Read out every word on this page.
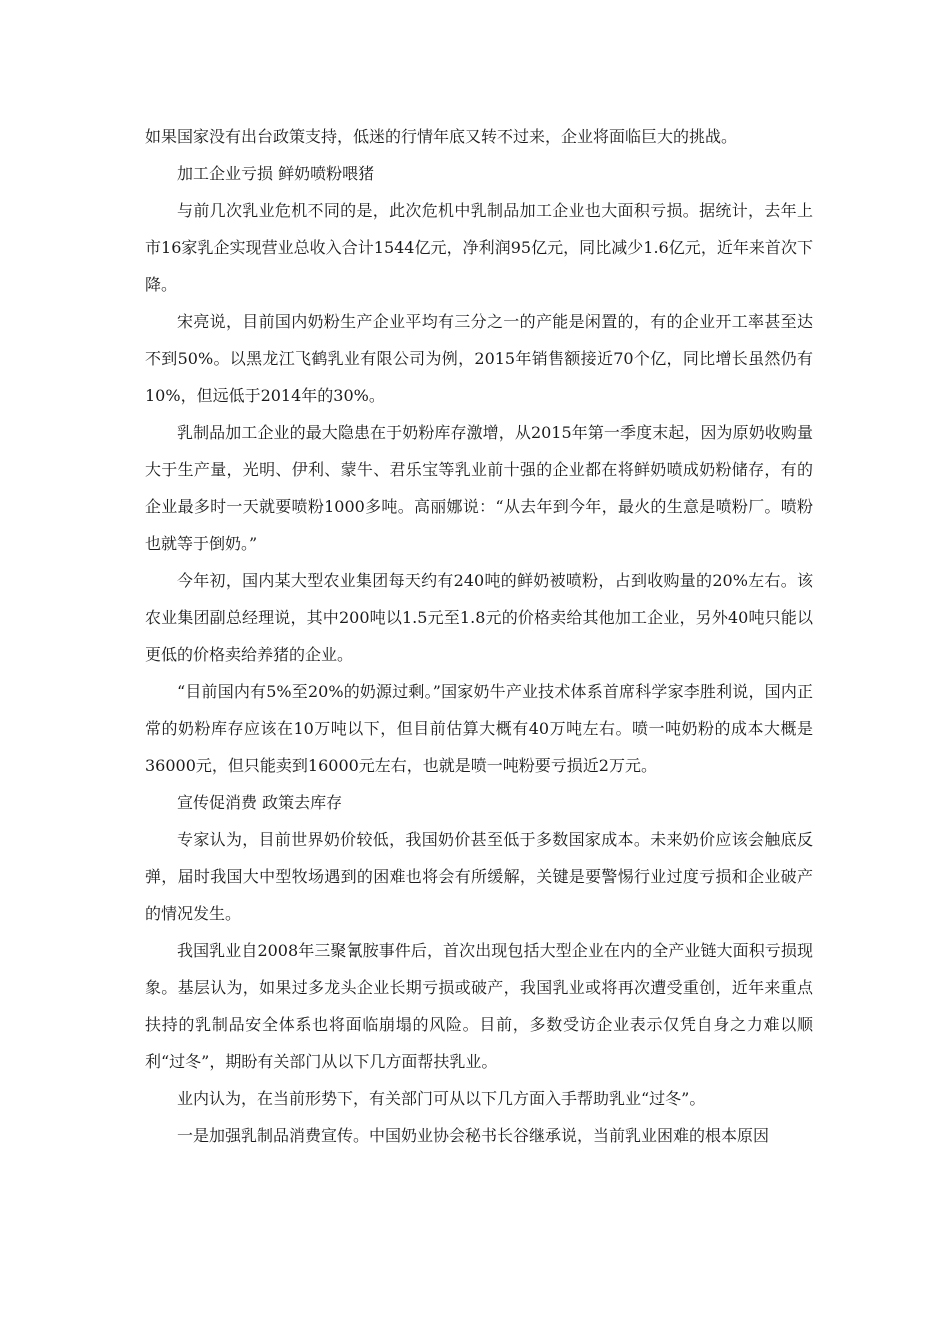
如果国家没有出台政策支持，低迷的行情年底又转不过来，企业将面临巨大的挑战。

加工企业亏损 鲜奶喷粉喂猪

与前几次乳业危机不同的是，此次危机中乳制品加工企业也大面积亏损。据统计，去年上市16家乳企实现营业总收入合计1544亿元，净利润95亿元，同比减少1.6亿元，近年来首次下降。

宋亮说，目前国内奶粉生产企业平均有三分之一的产能是闲置的，有的企业开工率甚至达不到50%。以黑龙江飞鹤乳业有限公司为例，2015年销售额接近70个亿，同比增长虽然仍有10%，但远低于2014年的30%。

乳制品加工企业的最大隐患在于奶粉库存激增，从2015年第一季度末起，因为原奶收购量大于生产量，光明、伊利、蒙牛、君乐宝等乳业前十强的企业都在将鲜奶喷成奶粉储存，有的企业最多时一天就要喷粉1000多吨。高丽娜说：“从去年到今年，最火的生意是喷粉厂。喷粉也就等于倒奶。”

今年初，国内某大型农业集团每天约有240吨的鲜奶被喷粉，占到收购量的20%左右。该农业集团副总经理说，其中200吨以1.5元至1.8元的价格卖给其他加工企业，另外40吨只能以更低的价格卖给养猪的企业。

“目前国内有5%至20%的奶源过剩。”国家奶牛产业技术体系首席科学家李胜利说，国内正常的奶粉库存应该在10万吨以下，但目前估算大概有40万吨左右。喷一吨奶粉的成本大概是36000元，但只能卖到16000元左右，也就是喷一吨粉要亏损近2万元。

宣传促消费 政策去库存

专家认为，目前世界奶价较低，我国奶价甚至低于多数国家成本。未来奶价应该会触底反弹，届时我国大中型牧场遇到的困难也将会有所缓解，关键是要警惕行业过度亏损和企业破产的情况发生。

我国乳业自2008年三聚氰胺事件后，首次出现包括大型企业在内的全产业链大面积亏损现象。基层认为，如果过多龙头企业长期亏损或破产，我国乳业或将再次遭受重创，近年来重点扶持的乳制品安全体系也将面临崩塌的风险。目前，多数受访企业表示仅凭自身之力难以顺利“过冬”，期盼有关部门从以下几方面帮扶乳业。

业内认为，在当前形势下，有关部门可从以下几方面入手帮助乳业“过冬”。

一是加强乳制品消费宣传。中国奶业协会秘书长谷继承说，当前乳业困难的根本原因
